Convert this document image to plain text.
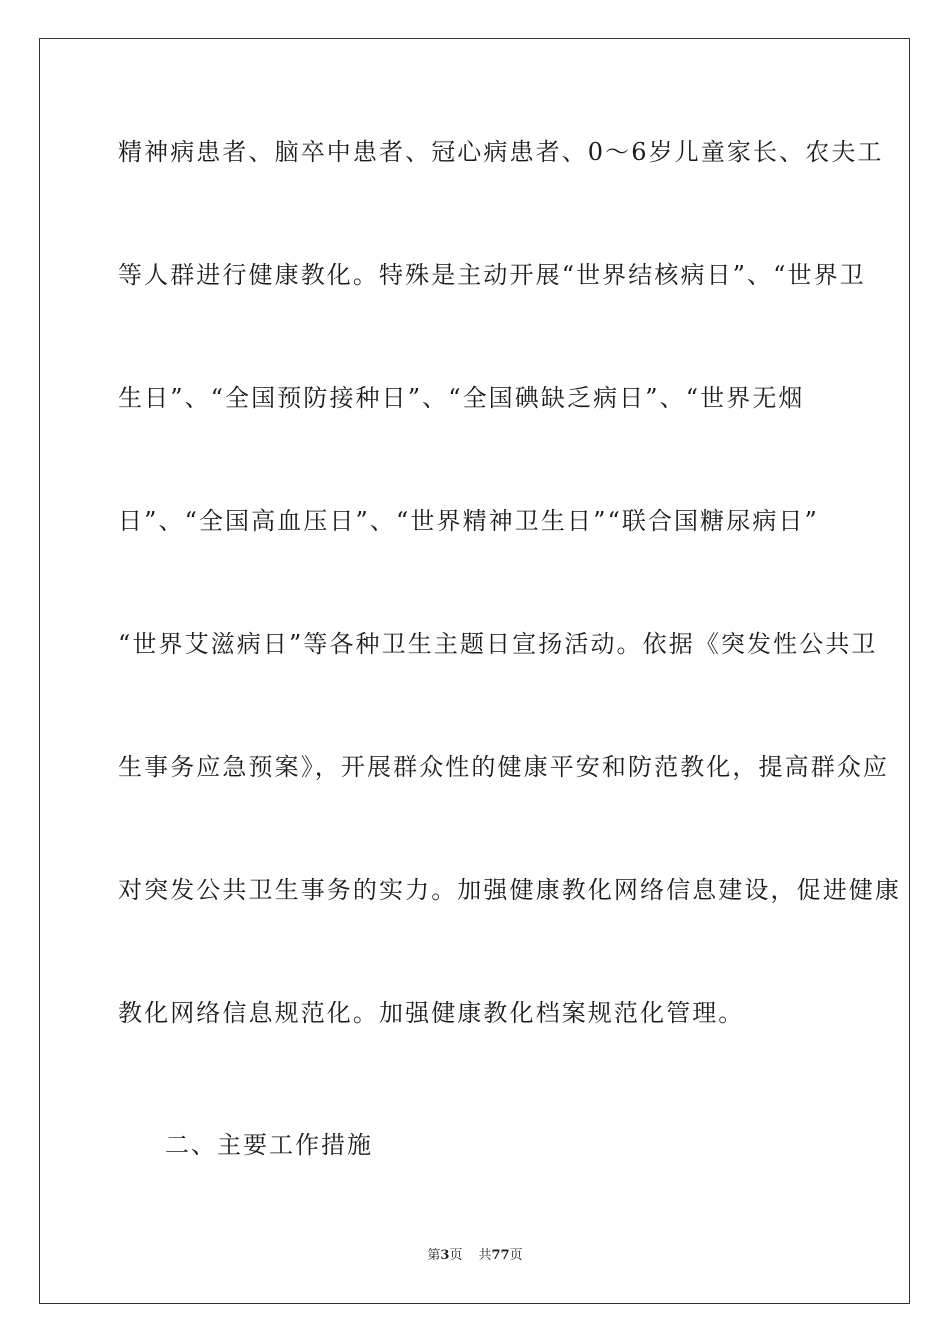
精神病患者、脑卒中患者、冠心病患者、0～6岁儿童家长、农夫工
等人群进行健康教化。特殊是主动开展“世界结核病日”、“世界卫
生日”、“全国预防接种日”、“全国碘缺乏病日”、“世界无烟
日”、“全国高血压日”、“世界精神卫生日”“联合国糖尿病日”
“世界艾滋病日”等各种卫生主题日宣扬活动。依据《突发性公共卫
生事务应急预案》，开展群众性的健康平安和防范教化，提高群众应
对突发公共卫生事务的实力。加强健康教化网络信息建设，促进健康
教化网络信息规范化。加强健康教化档案规范化管理。
二、主要工作措施
第3页 共77页
